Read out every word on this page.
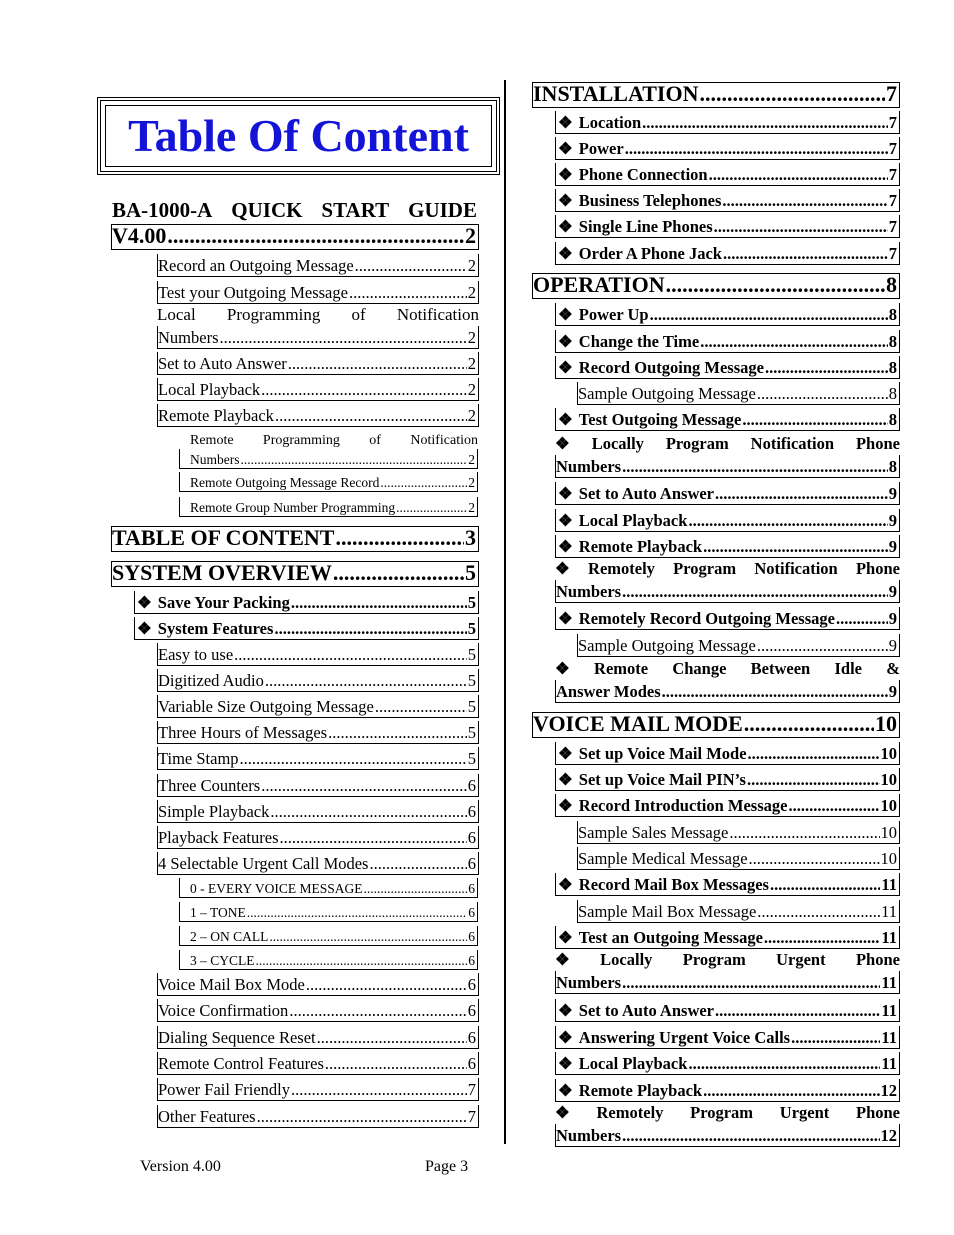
Table Of Content
BA-1000-A QUICK START GUIDE
V4.00 .....	2
Record an Outgoing Message .....	2
Test your Outgoing Message .....	2
Local Programming of Notification
Numbers .....	2
Set to Auto Answer .....	2
Local Playback .....	2
Remote Playback .....	2
Remote Programming of Notification
Numbers .....	2
Remote Outgoing Message Record .....	2
Remote Group Number Programming .....	2
TABLE OF CONTENT .....	3
SYSTEM OVERVIEW .....	5
❖ Save Your Packing .....	5
❖ System Features .....	5
Easy to use .....	5
Digitized Audio .....	5
Variable Size Outgoing Message .....	5
Three Hours of Messages .....	5
Time Stamp .....	5
Three Counters .....	6
Simple Playback .....	6
Playback Features .....	6
4 Selectable Urgent Call Modes .....	6
0 - EVERY VOICE MESSAGE .....	6
1 – TONE .....	6
2 – ON CALL .....	6
3 – CYCLE .....	6
Voice Mail Box Mode .....	6
Voice Confirmation .....	6
Dialing Sequence Reset .....	6
Remote Control Features .....	6
Power Fail Friendly .....	7
Other Features .....	7
INSTALLATION .....	7
❖ Location .....	7
❖ Power .....	7
❖ Phone Connection .....	7
❖ Business Telephones .....	7
❖ Single Line Phones .....	7
❖ Order A Phone Jack .....	7
OPERATION .....	8
❖ Power Up .....	8
❖ Change the Time .....	8
❖ Record Outgoing Message .....	8
Sample Outgoing Message .....	8
❖ Test Outgoing Message .....	8
❖ Locally Program Notification Phone
Numbers .....	8
❖ Set to Auto Answer .....	9
❖ Local Playback .....	9
❖ Remote Playback .....	9
❖ Remotely Program Notification Phone
Numbers .....	9
❖ Remotely Record Outgoing Message .....	9
Sample Outgoing Message .....	9
❖ Remote Change Between Idle &
Answer Modes .....	9
VOICE MAIL MODE .....	10
❖ Set up Voice Mail Mode .....	10
❖ Set up Voice Mail PIN’s .....	10
❖ Record Introduction Message .....	10
Sample Sales Message .....	10
Sample Medical Message .....	10
❖ Record Mail Box Messages .....	11
Sample Mail Box Message .....	11
❖ Test an Outgoing Message .....	11
❖ Locally Program Urgent Phone
Numbers .....	11
❖ Set to Auto Answer .....	11
❖ Answering Urgent Voice Calls .....	11
❖ Local Playback .....	11
❖ Remote Playback .....	12
❖ Remotely Program Urgent Phone
Numbers .....	12
Version 4.00	Page 3
